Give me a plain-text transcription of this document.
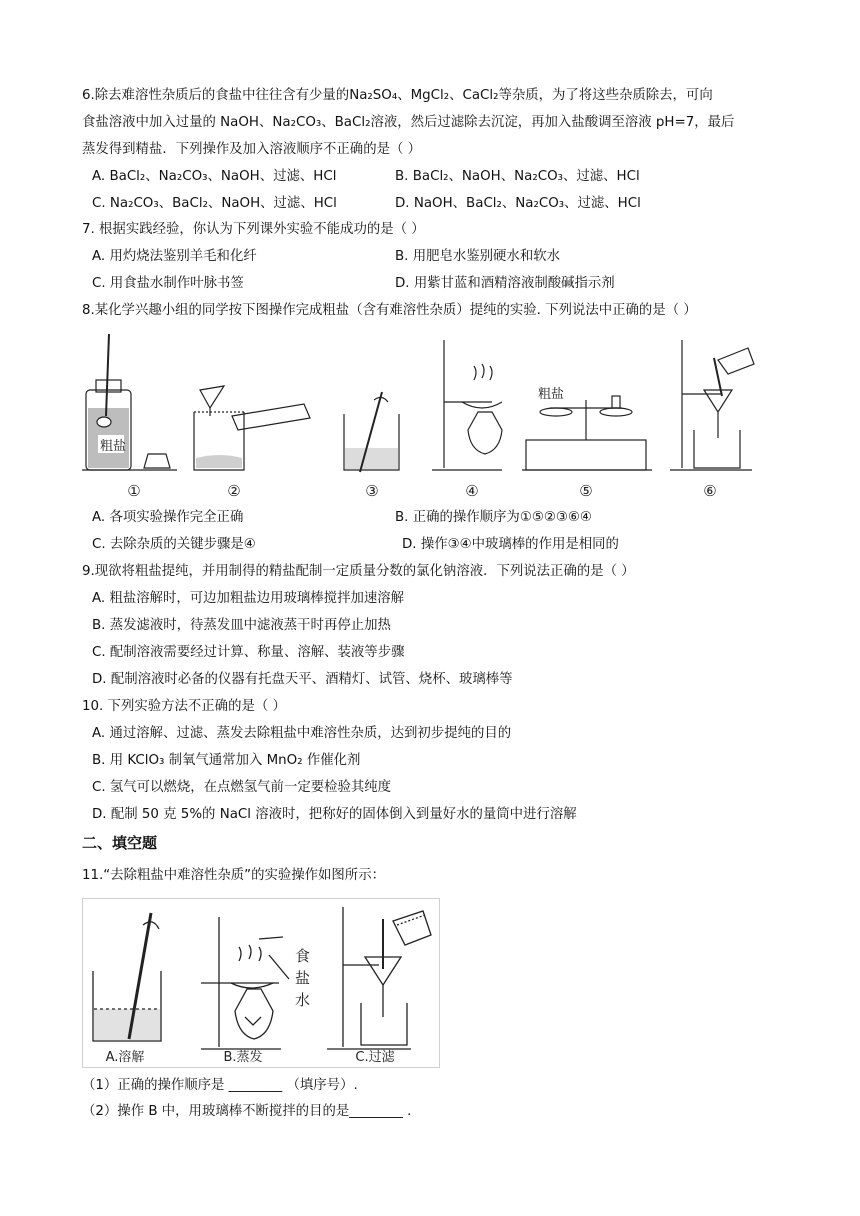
6.除去难溶性杂质后的食盐中往往含有少量的Na₂SO₄、MgCl₂、CaCl₂等杂质，为了将这些杂质除去，可向
食盐溶液中加入过量的 NaOH、Na₂CO₃、BaCl₂溶液，然后过滤除去沉淀，再加入盐酸调至溶液 pH=7，最后
蒸发得到精盐．下列操作及加入溶液顺序不正确的是（ ）
A. BaCl₂、Na₂CO₃、NaOH、过滤、HCl	B. BaCl₂、NaOH、Na₂CO₃、过滤、HCl
C. Na₂CO₃、BaCl₂、NaOH、过滤、HCl	D. NaOH、BaCl₂、Na₂CO₃、过滤、HCl
7. 根据实践经验，你认为下列课外实验不能成功的是（ ）
A. 用灼烧法鉴别羊毛和化纤	B. 用肥皂水鉴别硬水和软水
C. 用食盐水制作叶脉书签	D. 用紫甘蓝和酒精溶液制酸碱指示剂
8.某化学兴趣小组的同学按下图操作完成粗盐（含有难溶性杂质）提纯的实验. 下列说法中正确的是（ ）
粗盐
粗盐
①	②	③	④	⑤	⑥
A. 各项实验操作完全正确	B. 正确的操作顺序为①⑤②③⑥④
C. 去除杂质的关键步骤是④	D. 操作③④中玻璃棒的作用是相同的
9.现欲将粗盐提纯，并用制得的精盐配制一定质量分数的氯化钠溶液．下列说法正确的是（ ）
A. 粗盐溶解时，可边加粗盐边用玻璃棒搅拌加速溶解
B. 蒸发滤液时，待蒸发皿中滤液蒸干时再停止加热
C. 配制溶液需要经过计算、称量、溶解、装液等步骤
D. 配制溶液时必备的仪器有托盘天平、酒精灯、试管、烧杯、玻璃棒等
10. 下列实验方法不正确的是（ ）
A. 通过溶解、过滤、蒸发去除粗盐中难溶性杂质，达到初步提纯的目的
B. 用 KClO₃ 制氧气通常加入 MnO₂ 作催化剂
C. 氢气可以燃烧，在点燃氢气前一定要检验其纯度
D. 配制 50 克 5%的 NaCl 溶液时，把称好的固体倒入到量好水的量筒中进行溶解
二、填空题
11.“去除粗盐中难溶性杂质”的实验操作如图所示：
食
盐
水
A.溶解	B.蒸发	C.过滤
（1）正确的操作顺序是 ________ （填序号）.
（2）操作 B 中，用玻璃棒不断搅拌的目的是________ .
